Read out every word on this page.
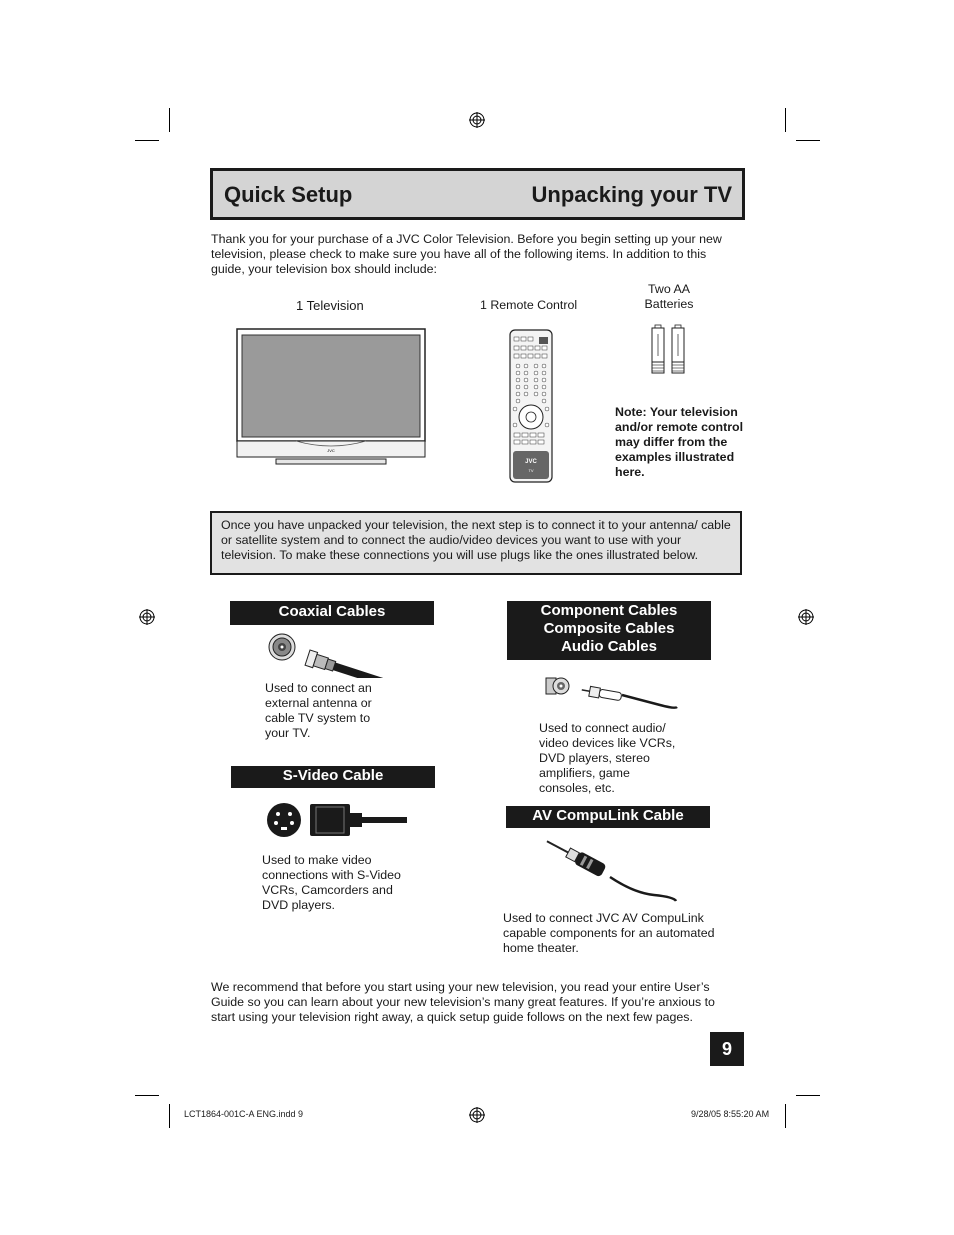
Quick Setup	Unpacking your TV
Thank you for your purchase of a JVC Color Television. Before you begin setting up your new television, please check to make sure you have all of the following items. In addition to this guide, your television box should include:
1 Television	1 Remote Control
Two AA
Batteries
JVC
JVC
TV
Note: Your television and/or remote control may differ from the examples illustrated here.
Once you have unpacked your television, the next step is to connect it to your antenna/ cable or satellite system and to connect the audio/video devices you want to use with your television. To make these connections you will use plugs like the ones illustrated below.
Coaxial Cables
Used to connect an external antenna or cable TV system to your TV.
Component Cables
Composite Cables
Audio Cables
Used to connect audio/ video devices like VCRs, DVD players, stereo amplifiers, game consoles, etc.
S-Video Cable
Used to make video connections with S-Video VCRs, Camcorders and DVD players.
AV CompuLink Cable
Used to connect JVC AV CompuLink capable components for an automated home theater.
We recommend that before you start using your new television, you read your entire User’s Guide so you can learn about your new television’s many great features. If you’re anxious to start using your television right away, a quick setup guide follows on the next few pages.
9
LCT1864-001C-A ENG.indd 9	9/28/05 8:55:20 AM
